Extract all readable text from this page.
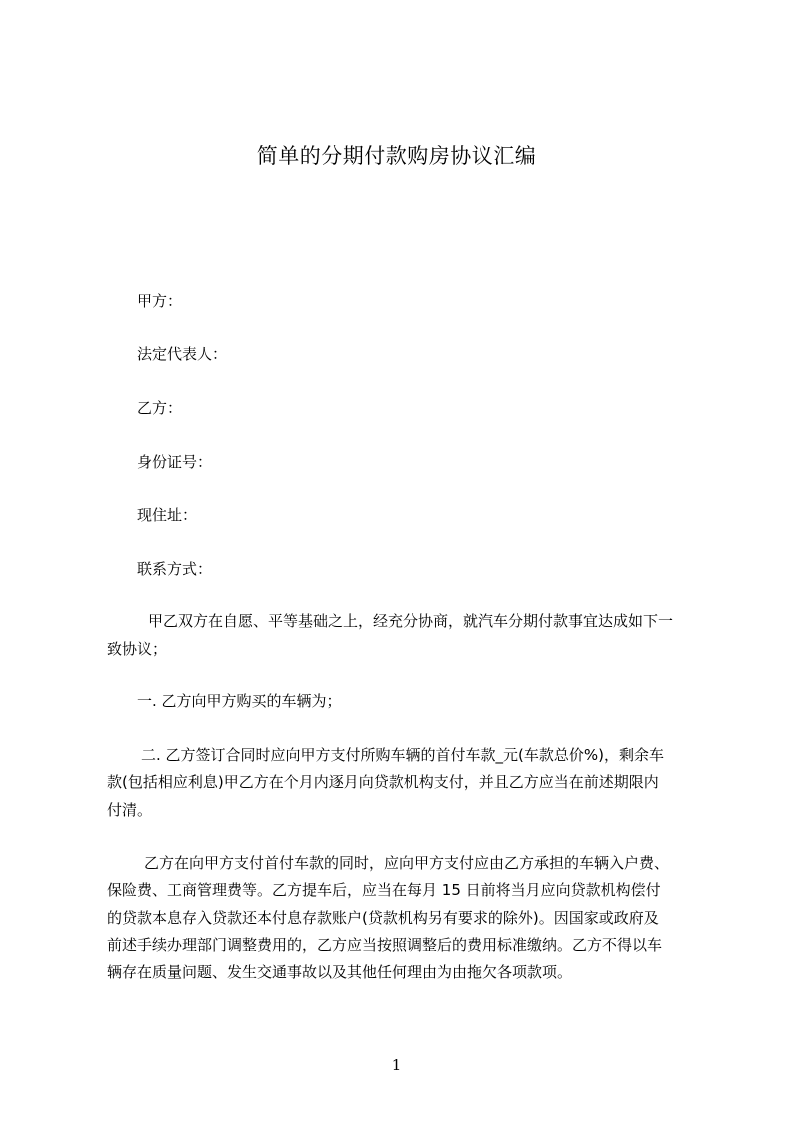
简单的分期付款购房协议汇编
甲方：
法定代表人：
乙方：
身份证号：
现住址：
联系方式：
甲乙双方在自愿、平等基础之上，经充分协商，就汽车分期付款事宜达成如下一
致协议；
一. 乙方向甲方购买的车辆为；
二. 乙方签订合同时应向甲方支付所购车辆的首付车款_元(车款总价%)，剩余车
款(包括相应利息)甲乙方在个月内逐月向贷款机构支付，并且乙方应当在前述期限内
付清。
乙方在向甲方支付首付车款的同时，应向甲方支付应由乙方承担的车辆入户费、
保险费、工商管理费等。乙方提车后，应当在每月 15 日前将当月应向贷款机构偿付
的贷款本息存入贷款还本付息存款账户(贷款机构另有要求的除外)。因国家或政府及
前述手续办理部门调整费用的，乙方应当按照调整后的费用标准缴纳。乙方不得以车
辆存在质量问题、发生交通事故以及其他任何理由为由拖欠各项款项。
1
